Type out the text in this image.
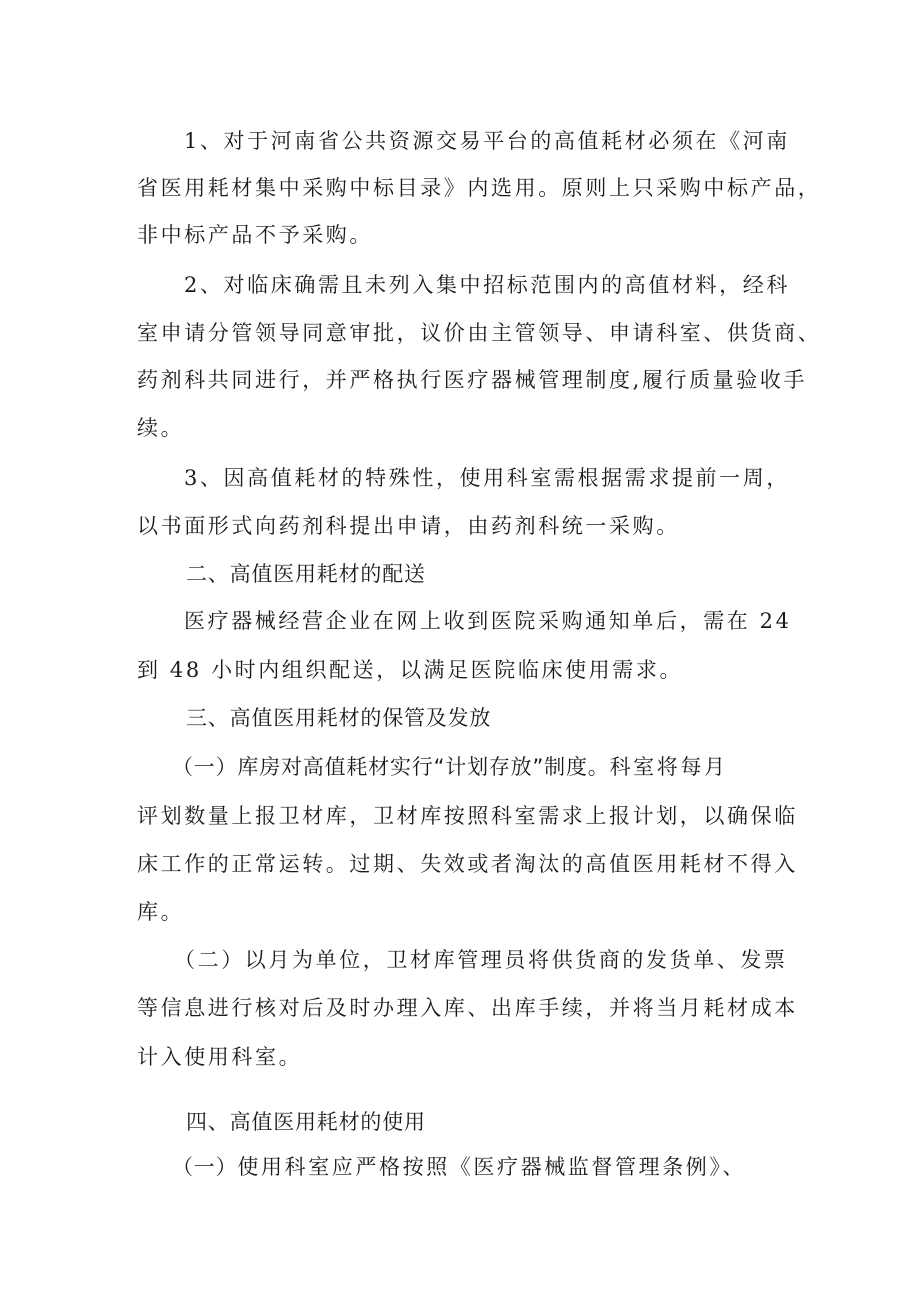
1、对于河南省公共资源交易平台的高值耗材必须在《河南
省医用耗材集中采购中标目录》内选用。原则上只采购中标产品，
非中标产品不予采购。
2、对临床确需且未列入集中招标范围内的高值材料，经科
室申请分管领导同意审批，议价由主管领导、申请科室、供货商、
药剂科共同进行，并严格执行医疗器械管理制度,履行质量验收手
续。
3、因高值耗材的特殊性，使用科室需根据需求提前一周，
以书面形式向药剂科提出申请，由药剂科统一采购。
二、高值医用耗材的配送
医疗器械经营企业在网上收到医院采购通知单后，需在 24
到 48 小时内组织配送，以满足医院临床使用需求。
三、高值医用耗材的保管及发放
（一）库房对高值耗材实行“计划存放”制度。科室将每月
评划数量上报卫材库，卫材库按照科室需求上报计划，以确保临
床工作的正常运转。过期、失效或者淘汰的高值医用耗材不得入
库。
（二）以月为单位，卫材库管理员将供货商的发货单、发票
等信息进行核对后及时办理入库、出库手续，并将当月耗材成本
计入使用科室。
四、高值医用耗材的使用
（一）使用科室应严格按照《医疗器械监督管理条例》、
